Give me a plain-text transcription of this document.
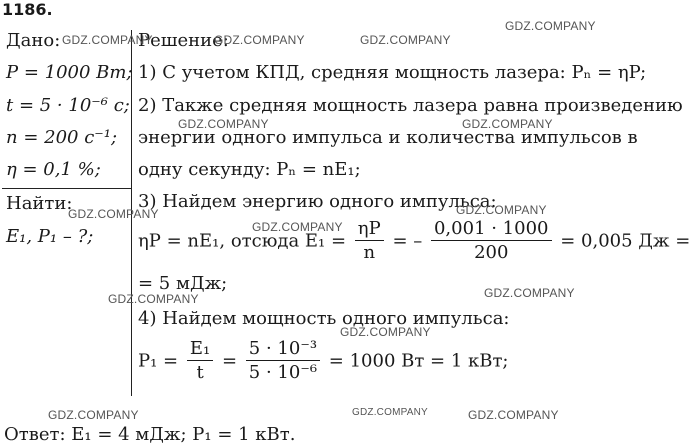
1186.
Дано:
P = 1000 Вт;
t = 5 · 10⁻⁶ с;
n = 200 с⁻¹;
η = 0,1 %;
Найти:
E₁, P₁ – ?;
Решение:
1) С учетом КПД, средняя мощность лазера: Pₙ = ηP;
2) Также средняя мощность лазера равна произведению
энергии одного импульса и количества импульсов в
одну секунду: Pₙ = nE₁;
3) Найдем энергию одного импульса:
ηP = nE₁, отсюда $E_1 = \frac{\eta P}{n}$ = – $\frac{0,001 \cdot 1000}{200} = 0,005$ Дж =
= 5 мДж;
4) Найдем мощность одного импульса:
$P_1 = \frac{\text{E₁}}{t} = \frac{\text{5 · 10⁻³}}{\text{5 · 10⁻⁶}} = 1000$ Вт = 1 кВт;
Ответ: E₁ = 4 мДж; P₁ = 1 кВт.
GDZ.COMPANY	GDZ.COMPANY	GDZ.COMPANY
GDZ.COMPANY
GDZ.COMPANY	GDZ.COMPANY
GDZ.COMPANY	GDZ.COMPANY
GDZ.COMPANY
GDZ.COMPANY	GDZ.COMPANY
GDZ.COMPANY
GDZ.COMPANY	GDZ.COMPANY	GDZ.COMPANY
